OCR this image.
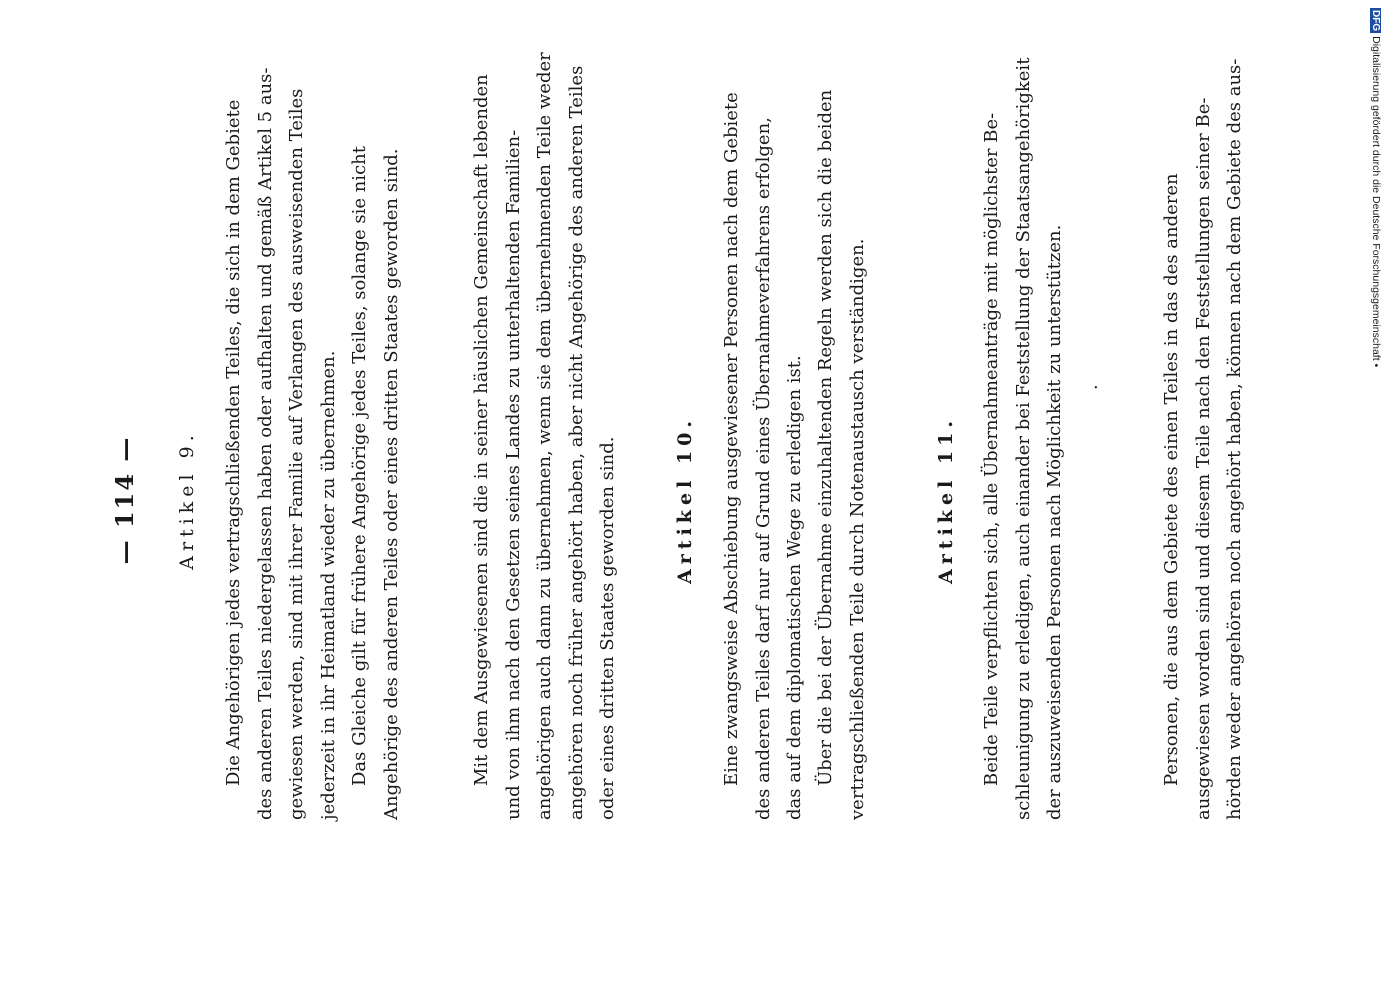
— 114 — Artikel 9. Die Angehörigen jedes vertragschließenden Teiles, die sich in dem Gebiete des anderen Teiles niedergelassen haben oder aufhalten und gemäß Artikel 5 aus- gewiesen werden, sind mit ihrer Familie auf Verlangen des ausweisenden Teiles jederzeit in ihr Heimatland wieder zu übernehmen. Das Gleiche gilt für frühere Angehörige jedes Teiles, solange sie nicht Angehörige des anderen Teiles oder eines dritten Staates geworden sind.	Mit dem Ausgewiesenen sind die in seiner häuslichen Gemeinschaft lebenden und von ihm nach den Gesetzen seines Landes zu unterhaltenden Familien- angehörigen auch dann zu übernehmen, wenn sie dem übernehmenden Teile weder angehören noch früher angehört haben, aber nicht Angehörige des anderen Teiles oder eines dritten Staates geworden sind.	Artikel 10. Eine zwangsweise Abschiebung ausgewiesener Personen nach dem Gebiete des anderen Teiles darf nur auf Grund eines Übernahmeverfahrens erfolgen, das auf dem diplomatischen Wege zu erledigen ist. Über die bei der Übernahme einzuhaltenden Regeln werden sich die beiden vertragschließenden Teile durch Notenaustausch verständigen.	Artikel 11. Beide Teile verpflichten sich, alle Übernahmeanträge mit möglichster Be- schleunigung zu erledigen, auch einander bei Feststellung der Staatsangehörigkeit der auszuweisenden Personen nach Möglichkeit zu unterstützen.	·	Personen, die aus dem Gebiete des einen Teiles in das des anderen ausgewiesen worden sind und diesem Teile nach den Feststellungen seiner Be- hörden weder angehören noch angehört haben, können nach dem Gebiete des aus-
DFGDigitalisierung gefördert durch die Deutsche Forschungsgemeinschaft •
